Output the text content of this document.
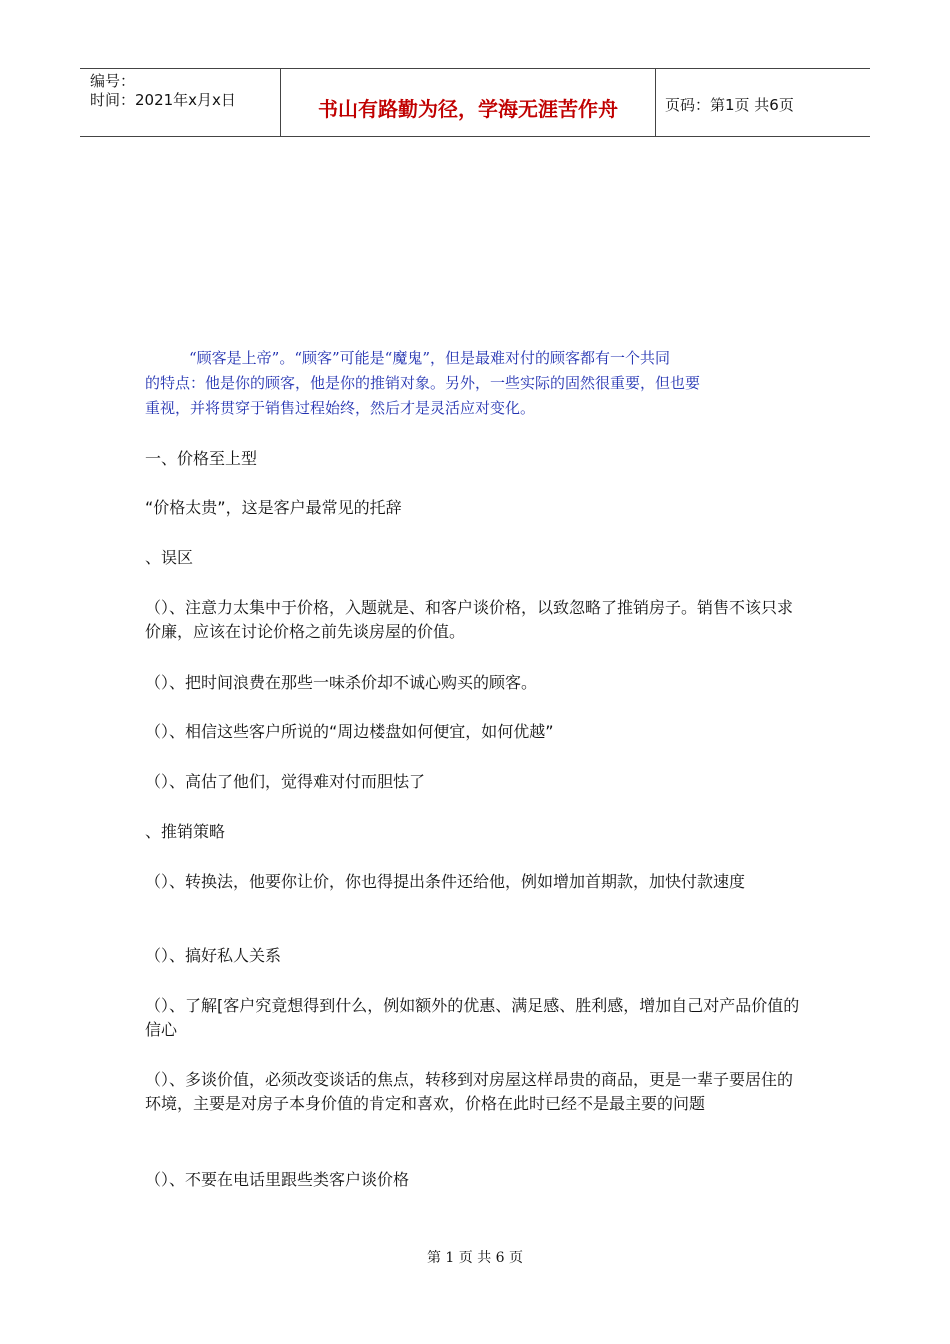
编号：
时间：2021年x月x日	书山有路勤为径，学海无涯苦作舟	页码：第1页 共6页
“顾客是上帝”。“顾客”可能是“魔鬼”，但是最难对付的顾客都有一个共同
的特点：他是你的顾客，他是你的推销对象。另外，一些实际的固然很重要，但也要
重视，并将贯穿于销售过程始终，然后才是灵活应对变化。
一、价格至上型
“价格太贵”，这是客户最常见的托辞
、误区
（）、注意力太集中于价格，入题就是、和客户谈价格，以致忽略了推销房子。销售不该只求价廉，应该在讨论价格之前先谈房屋的价值。
（）、把时间浪费在那些一味杀价却不诚心购买的顾客。
（）、相信这些客户所说的“周边楼盘如何便宜，如何优越”
（）、高估了他们，觉得难对付而胆怯了
、推销策略
（）、转换法，他要你让价，你也得提出条件还给他，例如增加首期款，加快付款速度
（）、搞好私人关系
（）、了解[客户究竟想得到什么，例如额外的优惠、满足感、胜利感，增加自己对产品价值的信心
（）、多谈价值，必须改变谈话的焦点，转移到对房屋这样昂贵的商品，更是一辈子要居住的环境，主要是对房子本身价值的肯定和喜欢，价格在此时已经不是最主要的问题
（）、不要在电话里跟些类客户谈价格
第 1 页 共 6 页
